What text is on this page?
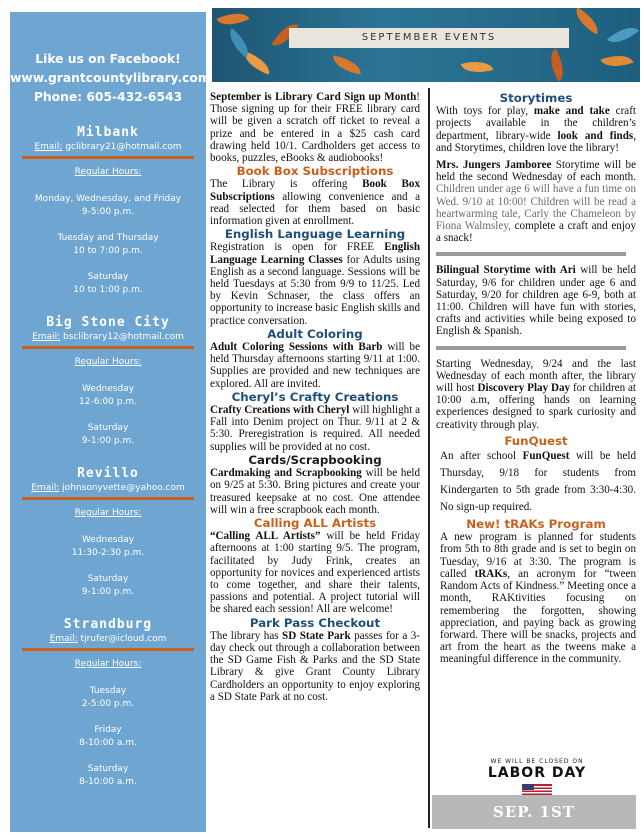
Like us on Facebook!
www.grantcountylibrary.com
Phone: 605-432-6543
Milbank
Email: gclibrary21@hotmail.com
Regular Hours:
Monday, Wednesday, and Friday
9-5:00 p.m.
Tuesday and Thursday
10 to 7:00 p.m.
Saturday
10 to 1:00 p.m.
Big Stone City
Email: bsclibrary12@hotmail.com
Regular Hours:
Wednesday
12-6:00 p.m.
Saturday
9-1:00 p.m.
Revillo
Email: johnsonyvette@yahoo.com
Regular Hours:
Wednesday
11:30-2:30 p.m.
Saturday
9-1:00 p.m.
Strandburg
Email: tjrufer@icloud.com
Regular Hours:
Tuesday
2-5:00 p.m.
Friday
8-10:00 a.m.
Saturday
8-10:00 a.m.
SEPTEMBER EVENTS

September is Library Card Sign up Month! Those signing up for their FREE library card will be given a scratch off ticket to reveal a prize and be entered in a $25 cash card drawing held 10/1. Cardholders get access to books, puzzles, eBooks & audiobooks!

Book Box Subscriptions

The Library is offering Book Box Subscriptions allowing convenience and a read selected for them based on basic information given at enrollment.

English Language Learning

Registration is open for FREE English Language Learning Classes for Adults using English as a second language. Sessions will be held Tuesdays at 5:30 from 9/9 to 11/25. Led by Kevin Schnaser, the class offers an opportunity to increase basic English skills and practice conversation.

Adult Coloring

Adult Coloring Sessions with Barb will be held Thursday afternoons starting 9/11 at 1:00. Supplies are provided and new techniques are explored. All are invited.

Cheryl’s Crafty Creations

Crafty Creations with Cheryl will highlight a Fall into Denim project on Thur. 9/11 at 2 & 5:30. Preregistration is required. All needed supplies will be provided at no cost.

Cards/Scrapbooking

Cardmaking and Scrapbooking will be held on 9/25 at 5:30. Bring pictures and create your treasured keepsake at no cost. One attendee will win a free scrapbook each month.

Calling ALL Artists

“Calling ALL Artists” will be held Friday afternoons at 1:00 starting 9/5. The program, facilitated by Judy Frink, creates an opportunity for novices and experienced artists to come together, and share their talents, passions and potential. A project tutorial will be shared each session! All are welcome!

Park Pass Checkout

The library has SD State Park passes for a 3-day check out through a collaboration between the SD Game Fish & Parks and the SD State Library & give Grant County Library Cardholders an opportunity to enjoy exploring a SD State Park at no cost.

Storytimes

With toys for play, make and take craft projects available in the children’s department, library-wide look and finds, and Storytimes, children love the library!

Mrs. Jungers Jamboree Storytime will be held the second Wednesday of each month. Children under age 6 will have a fun time on Wed. 9/10 at 10:00! Children will be read a heartwarming tale, Carly the Chameleon by Fiona Walmsley, complete a craft and enjoy a snack!

Bilingual Storytime with Ari will be held Saturday, 9/6 for children under age 6 and Saturday, 9/20 for children age 6-9, both at 11:00. Children will have fun with stories, crafts and activities while being exposed to English & Spanish.

Starting Wednesday, 9/24 and the last Wednesday of each month after, the library will host Discovery Play Day for children at 10:00 a.m, offering hands on learning experiences designed to spark curiosity and creativity through play.

FunQuest

An after school FunQuest will be held Thursday, 9/18 for students from Kindergarten to 5th grade from 3:30-4:30. No sign-up required.

New! tRAKs Program

A new program is planned for students from 5th to 8th grade and is set to begin on Tuesday, 9/16 at 3:30. The program is called tRAKs, an acronym for “tween Random Acts of Kindness.” Meeting once a month, RAKtivities focusing on remembering the forgotten, showing appreciation, and paying back as growing forward. There will be snacks, projects and art from the heart as the tweens make a meaningful difference in the community.

WE WILL BE CLOSED ON
LABOR DAY
SEP. 1ST
